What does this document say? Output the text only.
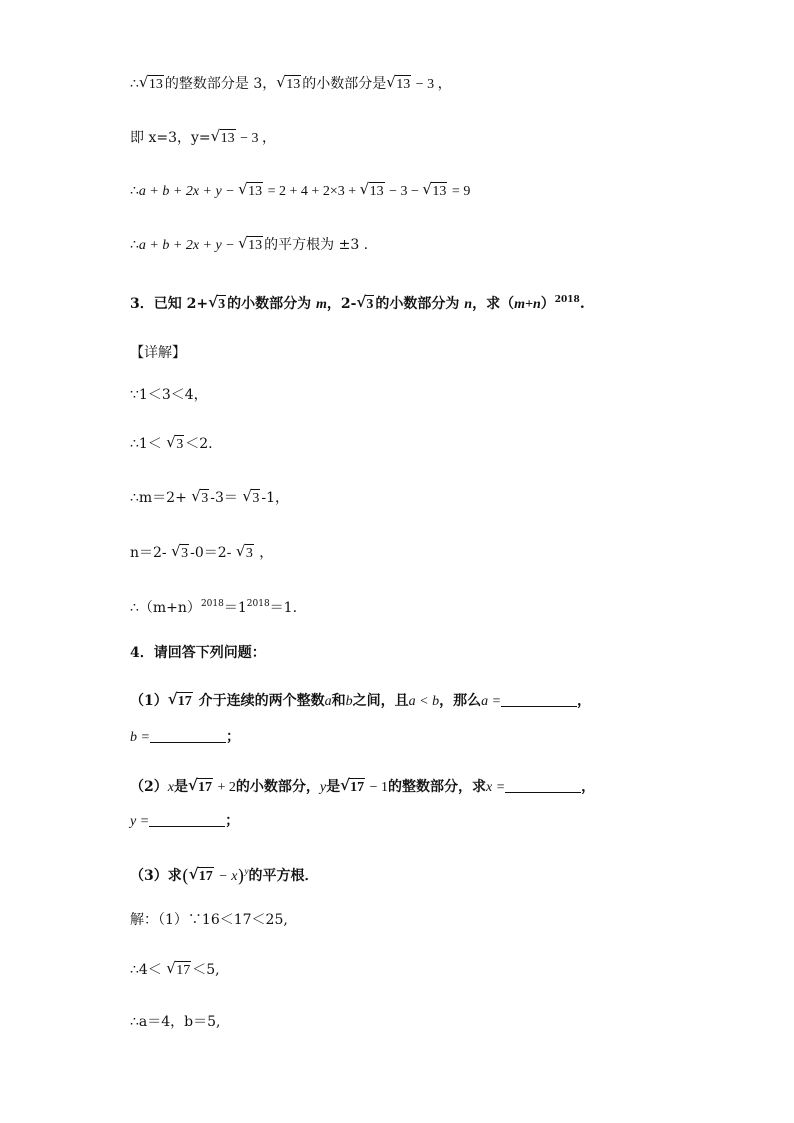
∴ √ 13 的整数部分是 3， √ 13 的小数部分是 √ 13 − 3 ，
即 x=3，y= √ 13 − 3 ，
∴a + b + 2x + y − √ 13 = 2 + 4 + 2×3 + √ 13 − 3 − √ 13 = 9
∴a + b + 2x + y − √ 13 的平方根为 ±3 .
3．已知 2+ √ 3 的小数部分为 m，2- √ 3 的小数部分为 n，求$(m+n)^{2018}$.
【详解】
∵1＜3＜4，
∴1＜ √ 3 ＜2.
∴m＝2+ √ 3 -3＝ √ 3 -1，
n＝2- √ 3 -0＝2- √ 3 ，
$\therefore(m+n)^{2018}=1^{2018}=1$.
4．请回答下列问题：
（1） √ 17 介于连续的两个整数a和b之间，且a < b，那么a =	，
b =	；
（2）x是 √ 17 + 2的小数部分，y是 √ 17 − 1的整数部分，求x =	，
y =	；
（3）求( √ 17 − x)$^y$的平方根．
解：（1）∵16＜17＜25,
∴4＜ √ 17 ＜5,
∴a＝4，b＝5,
